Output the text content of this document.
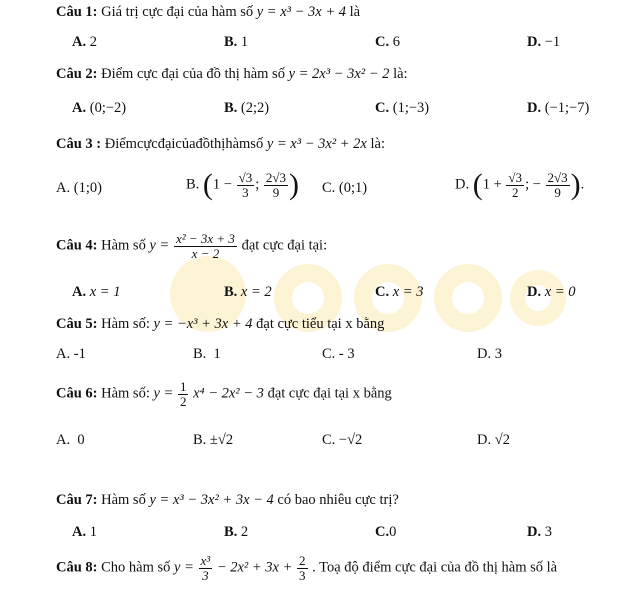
Câu 1: Giá trị cực đại của hàm số y = x³ − 3x + 4 là
A. 2	B. 1	C. 6	D. −1
Câu 2: Điểm cực đại của đồ thị hàm số y = 2x³ − 3x² − 2 là:
A. (0;−2)	B. (2;2)	C. (1;−3)	D. (−1;−7)
Câu 3 : Điểmcựcđạicủađồthịhàmsố y = x³ − 3x² + 2x là:
A. (1;0)	B. ($1 - \frac{√3}{3}$ ; $\frac{2√3}{9}$ ) C. (0;1)	D. ($1 + \frac{√3}{2}$ ; − $\frac{2√3}{9}$ ).
Câu 4: Hàm số $y = \frac{\text{x² − 3x + 3}}{x - 2}$ đạt cực đại tại:
A. x = 1	B. x = 2	C. x = 3	D. x = 0
Câu 5: Hàm số: y = −x³ + 3x + 4 đạt cực tiểu tại x bằng
A. -1	B. 1	C. - 3	D. 3
Câu 6: Hàm số: $y = \frac{1}{2} x^4 - 2x^2 - 3$ đạt cực đại tại x bằng
A. 0	B. ±√2	C. −√2	D. √2
Câu 7: Hàm số y = x³ − 3x² + 3x − 4 có bao nhiêu cực trị?
A. 1	B. 2	C.0	D. 3
Câu 8: Cho hàm số $y = \frac{\text{x³}}{3} - 2x^2 + 3x + \frac{2}{3}$ . Toạ độ điểm cực đại của đồ thị hàm số là
